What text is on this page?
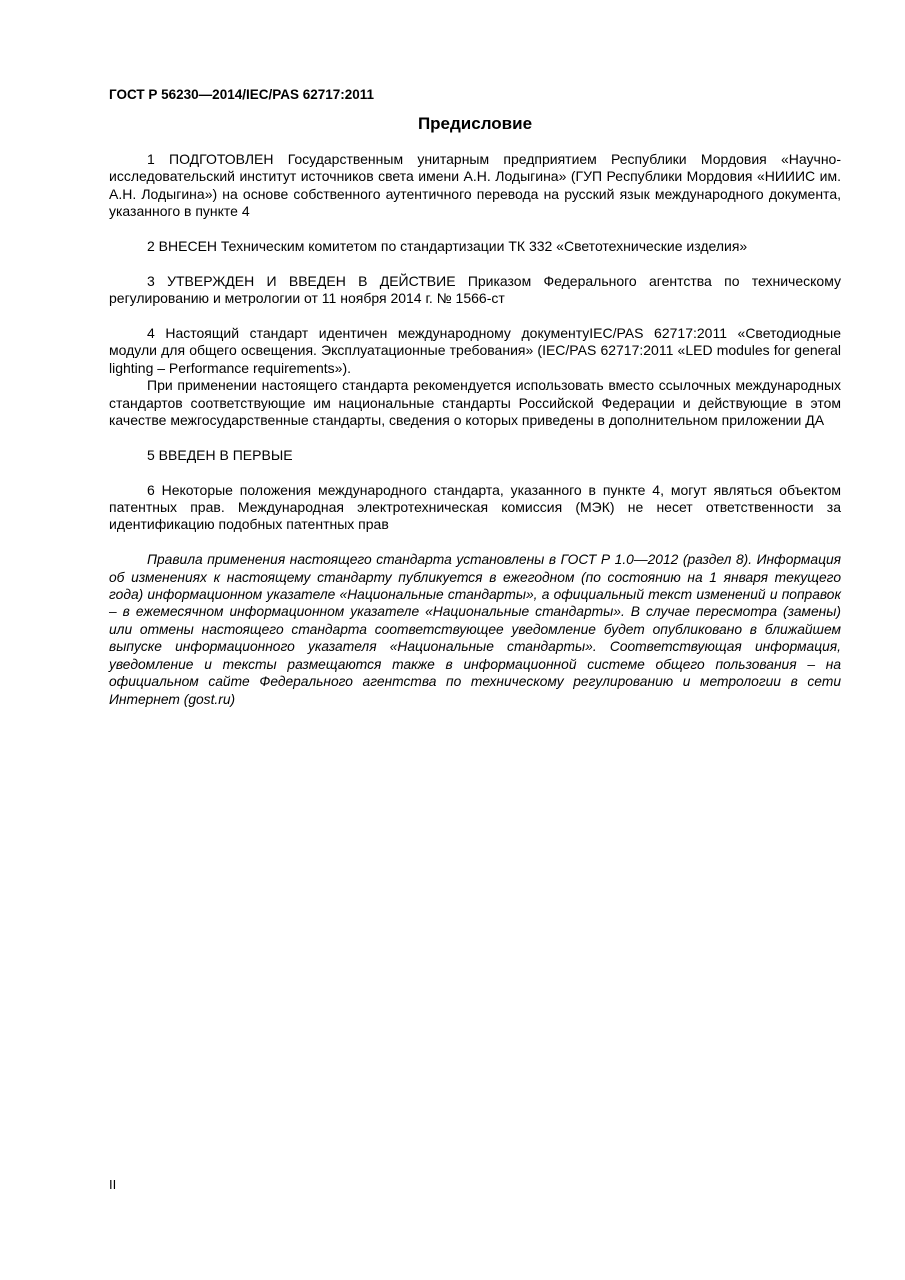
ГОСТ Р 56230—2014/IEC/PAS 62717:2011
Предисловие

1 ПОДГОТОВЛЕН Государственным унитарным предприятием Республики Мордовия «Научно-исследовательский институт источников света имени А.Н. Лодыгина» (ГУП Республики Мордовия «НИИИС им. А.Н. Лодыгина») на основе собственного аутентичного перевода на русский язык международного документа, указанного в пункте 4

2 ВНЕСЕН Техническим комитетом по стандартизации ТК 332 «Светотехнические изделия»

3 УТВЕРЖДЕН И ВВЕДЕН В ДЕЙСТВИЕ Приказом Федерального агентства по техническому регулированию и метрологии от 11 ноября 2014 г. № 1566-ст

4 Настоящий стандарт идентичен международному документуIEC/PAS 62717:2011 «Светодиодные модули для общего освещения. Эксплуатационные требования» (IEC/PAS 62717:2011 «LED modules for general lighting – Performance requirements»).

При применении настоящего стандарта рекомендуется использовать вместо ссылочных международных стандартов соответствующие им национальные стандарты Российской Федерации и действующие в этом качестве межгосударственные стандарты, сведения о которых приведены в дополнительном приложении ДА

5 ВВЕДЕН В ПЕРВЫЕ

6 Некоторые положения международного стандарта, указанного в пункте 4, могут являться объектом патентных прав. Международная электротехническая комиссия (МЭК) не несет ответственности за идентификацию подобных патентных прав

Правила применения настоящего стандарта установлены в ГОСТ Р 1.0—2012 (раздел 8). Информация об изменениях к настоящему стандарту публикуется в ежегодном (по состоянию на 1 января текущего года) информационном указателе «Национальные стандарты», а официальный текст изменений и поправок – в ежемесячном информационном указателе «Национальные стандарты». В случае пересмотра (замены) или отмены настоящего стандарта соответствующее уведомление будет опубликовано в ближайшем выпуске информационного указателя «Национальные стандарты». Соответствующая информация, уведомление и тексты размещаются также в информационной системе общего пользования – на официальном сайте Федерального агентства по техническому регулированию и метрологии в сети Интернет (gost.ru)

II
